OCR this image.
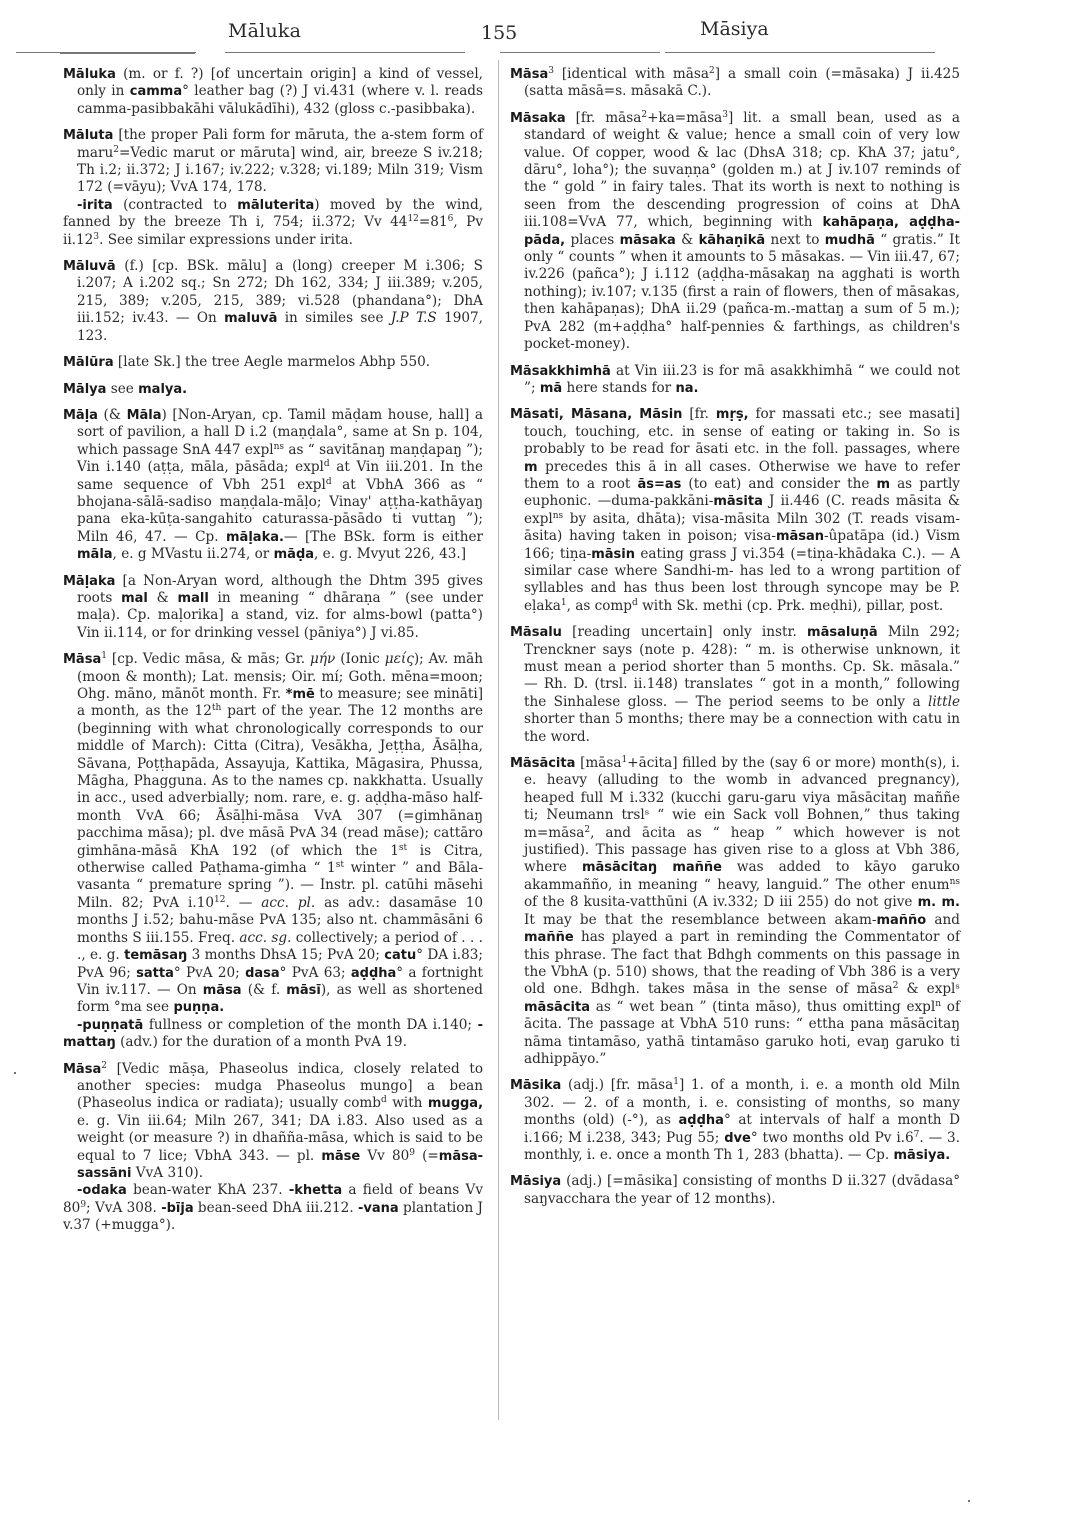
Māluka	155	Māsiya

Māluka (m. or f. ?) [of uncertain origin] a kind of vessel, only in camma° leather bag (?) J vi.431 (where v. l. reads camma-pasibbakāhi vālukādīhi), 432 (gloss c.-pasibbaka).

Māluta [the proper Pali form for māruta, the a-stem form of maru$^2$=Vedic marut or māruta] wind, air, breeze S iv.218; Th i.2; ii.372; J i.167; iv.222; v.328; vi.189; Miln 319; Vism 172 (=vāyu); VvA 174, 178.

-irita (contracted to māluterita) moved by the wind, fanned by the breeze Th i, 754; ii.372; Vv $44^{12}=81^6$, Pv $ii.12^3$. See similar expressions under irita.

Māluvā (f.) [cp. BSk. mālu] a (long) creeper M i.306; S i.207; A i.202 sq.; Sn 272; Dh 162, 334; J iii.389; v.205, 215, 389; v.205, 215, 389; vi.528 (phandana°); DhA iii.152; iv.43. — On maluvā in similes see J.P T.S 1907, 123.

Mālūra [late Sk.] the tree Aegle marmelos Abhp 550.

Mālya see malya.

Māḷa (& Māla) [Non-Aryan, cp. Tamil māḍam house, hall] a sort of pavilion, a hall D i.2 (maṇḍala°, same at Sn p. 104, which passage SnA 447 expl$^{ns}$ as “ savitānaŋ maṇḍapaŋ ”); Vin i.140 (aṭṭa, māla, pāsāda; expl$^d$ at Vin iii.201. In the same sequence of Vbh 251 expl$^d$ at VbhA 366 as “ bhojana-sālā-sadiso maṇḍala-māḷo; Vinay' aṭṭha-kathāyaŋ pana eka-kūṭa-sangahito caturassa-pāsādo ti vuttaŋ ”); Miln 46, 47. — Cp. māḷaka.— [The BSk. form is either māla, e. g MVastu ii.274, or māḍa, e. g. Mvyut 226, 43.]

Māḷaka [a Non-Aryan word, although the Dhtm 395 gives roots mal & mall in meaning “ dhāraṇa ” (see under maḷa). Cp. maḷorika] a stand, viz. for alms-bowl (patta°) Vin ii.114, or for drinking vessel (pāniya°) J vi.85.

Māsa$^1$ [cp. Vedic māsa, & mās; Gr. μήν (Ionic μείς); Av. māh (moon & month); Lat. mensis; Oir. mí; Goth. mēna=moon; Ohg. māno, mānōt month. Fr. *mē to measure; see mināti] a month, as the 12th part of the year. The 12 months are (beginning with what chronologically corresponds to our middle of March): Citta (Citra), Vesākha, Jeṭṭha, Āsāḷha, Sāvana, Poṭṭhapāda, Assayuja, Kattika, Māgasira, Phussa, Māgha, Phagguna. As to the names cp. nakkhatta. Usually in acc., used adverbially; nom. rare, e. g. aḍḍha-māso half-month VvA 66; Āsāḷhi-māsa VvA 307 (=gimhānaŋ pacchima māsa); pl. dve māsā PvA 34 (read māse); cattāro gimhāna-māsā KhA 192 (of which the 1st is Citra, otherwise called Paṭhama-gimha “ 1st winter ” and Bāla-vasanta “ premature spring ”). — Instr. pl. catūhi māsehi Miln. 82; PvA $i.10^{12}$. — acc. pl. as adv.: dasamāse 10 months J i.52; bahu-māse PvA 135; also nt. chammāsāni 6 months S iii.155. Freq. acc. sg. collectively; a period of . . . ., e. g. temāsaŋ 3 months DhsA 15; PvA 20; catu° DA i.83; PvA 96; satta° PvA 20; dasa° PvA 63; aḍḍha° a fortnight Vin iv.117. — On māsa (& f. māsī), as well as shortened form °ma see puṇṇa.

-puṇṇatā fullness or completion of the month DA i.140; -mattaŋ (adv.) for the duration of a month PvA 19.

Māsa$^2$ [Vedic māṣa, Phaseolus indica, closely related to another species: mudga Phaseolus mungo] a bean (Phaseolus indica or radiata); usually comb$^d$ with mugga, e. g. Vin iii.64; Miln 267, 341; DA i.83. Also used as a weight (or measure ?) in dhañña-māsa, which is said to be equal to 7 lice; VbhA 343. — pl. māse Vv $80^9$ (=māsa-sassāni VvA 310).

-odaka bean-water KhA 237. -khetta a field of beans Vv $80^9$; VvA 308. -bīja bean-seed DhA iii.212. -vana plantation J v.37 (+mugga°).

Māsa$^3$ [identical with māsa$^2$] a small coin (=māsaka) J ii.425 (satta māsā=s. māsakā C.).

Māsaka [fr. māsa$^2$+ka=māsa$^3$] lit. a small bean, used as a standard of weight & value; hence a small coin of very low value. Of copper, wood & lac (DhsA 318; cp. KhA 37; jatu°, dāru°, loha°); the suvaṇṇa° (golden m.) at J iv.107 reminds of the “ gold ” in fairy tales. That its worth is next to nothing is seen from the descending progression of coins at DhA iii.108=VvA 77, which, beginning with kahāpaṇa, aḍḍha-pāda, places māsaka & kāhaṇikā next to mudhā “ gratis.” It only “ counts ” when it amounts to 5 māsakas. — Vin iii.47, 67; iv.226 (pañca°); J i.112 (aḍḍha-māsakaŋ na agghati is worth nothing); iv.107; v.135 (first a rain of flowers, then of māsakas, then kahāpaṇas); DhA ii.29 (pañca-m.-mattaŋ a sum of 5 m.); PvA 282 (m+aḍḍha° half-pennies & farthings, as children's pocket-money).

Māsakkhimhā at Vin iii.23 is for mā asakkhimhā “ we could not ”; mā here stands for na.

Māsati, Māsana, Māsin [fr. mṛṣ, for massati etc.; see masati] touch, touching, etc. in sense of eating or taking in. So is probably to be read for āsati etc. in the foll. passages, where m precedes this ā in all cases. Otherwise we have to refer them to a root ās=as (to eat) and consider the m as partly euphonic. —duma-pakkāni-māsita J ii.446 (C. reads māsita & expl$^{ns}$ by asita, dhāta); visa-māsita Miln 302 (T. reads visam-āsita) having taken in poison; visa-māsan-ûpatāpa (id.) Vism 166; tiṇa-māsin eating grass J vi.354 (=tiṇa-khādaka C.). — A similar case where Sandhi-m- has led to a wrong partition of syllables and has thus been lost through syncope may be P. eḷaka$^1$, as comp$^d$ with Sk. methi (cp. Prk. meḍhi), pillar, post.

Māsalu [reading uncertain] only instr. māsaluṇā Miln 292; Trenckner says (note p. 428): “ m. is otherwise unknown, it must mean a period shorter than 5 months. Cp. Sk. māsala.” — Rh. D. (trsl. ii.148) translates “ got in a month,” following the Sinhalese gloss. — The period seems to be only a little shorter than 5 months; there may be a connection with catu in the word.

Māsācita [māsa$^1$+ācita] filled by the (say 6 or more) month(s), i. e. heavy (alluding to the womb in advanced pregnancy), heaped full M i.332 (kucchi garu-garu viya māsācitaŋ maññe ti; Neumann trslˢ “ wie ein Sack voll Bohnen,” thus taking m=māsa$^2$, and ācita as “ heap ” which however is not justified). This passage has given rise to a gloss at Vbh 386, where māsācitaŋ maññe was added to kāyo garuko akammañño, in meaning “ heavy, languid.” The other enum$^{ns}$ of the 8 kusita-vatthūni (A iv.332; D iii 255) do not give m. m. It may be that the resemblance between akam-mañño and maññe has played a part in reminding the Commentator of this phrase. The fact that Bdhgh comments on this passage in the VbhA (p. 510) shows, that the reading of Vbh 386 is a very old one. Bdhgh. takes māsa in the sense of māsa$^2$ & explˢ māsācita as “ wet bean ” (tinta māso), thus omitting expl$^n$ of ācita. The passage at VbhA 510 runs: “ ettha pana māsācitaŋ nāma tintamāso, yathā tintamāso garuko hoti, evaŋ garuko ti adhippāyo.”

Māsika (adj.) [fr. māsa$^1$] 1. of a month, i. e. a month old Miln 302. — 2. of a month, i. e. consisting of months, so many months (old) (-°), as aḍḍha° at intervals of half a month D i.166; M i.238, 343; Pug 55; dve° two months old Pv $i.6^7$. — 3. monthly, i. e. once a month Th 1, 283 (bhatta). — Cp. māsiya.

Māsiya (adj.) [=māsika] consisting of months D ii.327 (dvādasa° saŋvacchara the year of 12 months).
